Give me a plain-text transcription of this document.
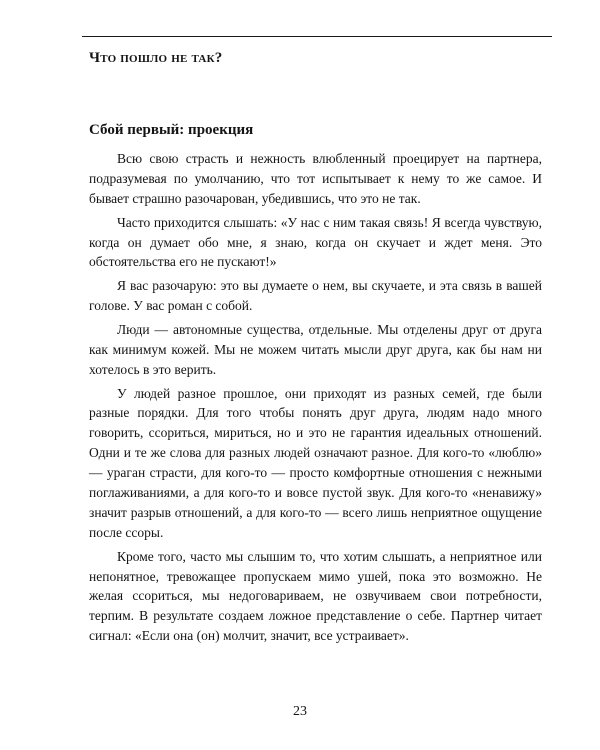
Что пошло не так?
Сбой первый: проекция

Всю свою страсть и нежность влюбленный проецирует на партнера, подразумевая по умолчанию, что тот испытывает к нему то же самое. И бывает страшно разочарован, убедившись, что это не так.

Часто приходится слышать: «У нас с ним такая связь! Я всегда чувствую, когда он думает обо мне, я знаю, когда он скучает и ждет меня. Это обстоятельства его не пускают!»

Я вас разочарую: это вы думаете о нем, вы скучаете, и эта связь в вашей голове. У вас роман с собой.

Люди — автономные существа, отдельные. Мы отделены друг от друга как минимум кожей. Мы не можем читать мысли друг друга, как бы нам ни хотелось в это верить.

У людей разное прошлое, они приходят из разных семей, где были разные порядки. Для того чтобы понять друг друга, людям надо много говорить, ссориться, мириться, но и это не гарантия идеальных отношений. Одни и те же слова для разных людей означают разное. Для кого-то «люблю» — ураган страсти, для кого-то — просто комфортные отношения с нежными поглаживаниями, а для кого-то и вовсе пустой звук. Для кого-то «ненавижу» значит разрыв отношений, а для кого-то — всего лишь неприятное ощущение после ссоры.

Кроме того, часто мы слышим то, что хотим слышать, а неприятное или непонятное, тревожащее пропускаем мимо ушей, пока это возможно. Не желая ссориться, мы недоговариваем, не озвучиваем свои потребности, терпим. В результате создаем ложное представление о себе. Партнер читает сигнал: «Если она (он) молчит, значит, все устраивает».

23
